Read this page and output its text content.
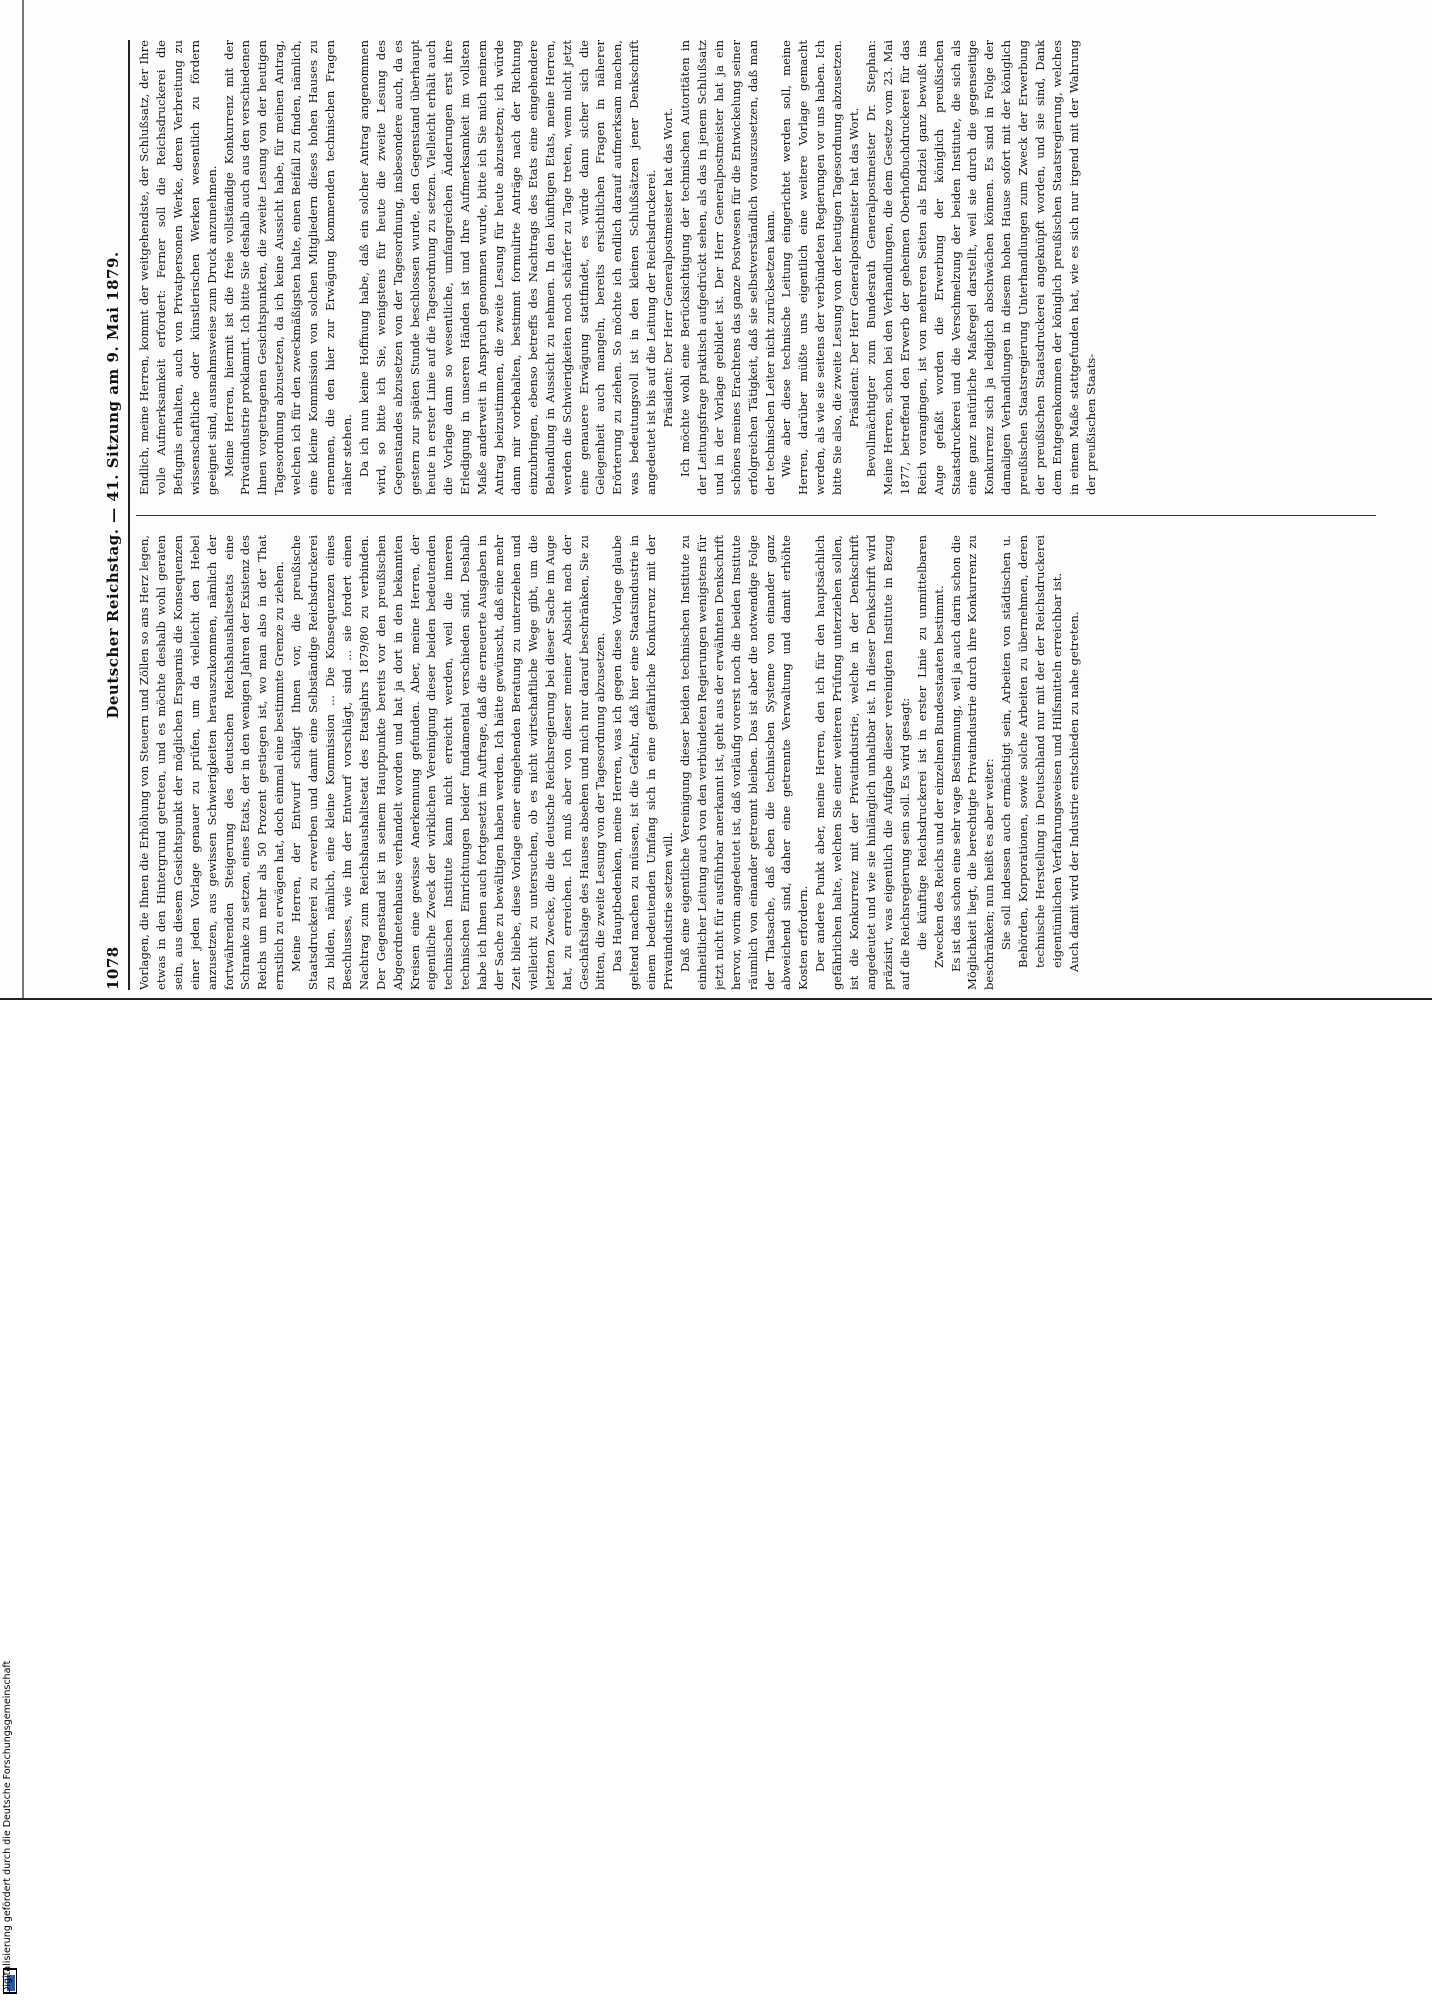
1078
Deutscher Reichstag. — 41. Sitzung am 9. Mai 1879.

Vorlagen, die Ihnen die Erhöhung von Steuern und Zöllen so ans Herz legen, etwas in den Hintergrund getreten, und es möchte deshalb wohl geraten sein, aus diesem Gesichtspunkt der möglichen Ersparnis die Konsequenzen einer jeden Vorlage genauer zu prüfen, um da vielleicht den Hebel anzusetzen, aus gewissen Schwierigkeiten herauszukommen, nämlich der fortwährenden Steigerung des deutschen Reichshaushaltsetats eine Schranke zu setzen, eines Etats, der in den wenigen Jahren der Existenz des Reichs um mehr als 50 Prozent gestiegen ist, wo man also in der That ernstlich zu erwägen hat, doch einmal eine bestimmte Grenze zu ziehen. Meine Herren, der Entwurf schlägt Ihnen vor, die preußische Staatsdruckerei zu erwerben und damit eine Selbständige Reichsdruckerei zu bilden, nämlich, eine kleine Kommission ... Die Konsequenzen eines Beschlusses, wie ihn der Entwurf vorschlägt, sind ... sie fordert einen Nachtrag zum Reichshaushaltsetat des Etatsjahrs 1879/80 zu verbinden. Der Gegenstand ist in seinem Hauptpunkte bereits vor den preußischen Abgeordnetenhause verhandelt worden und hat ja dort in den bekannten Kreisen eine gewisse Anerkennung gefunden. Aber, meine Herren, der eigentliche Zweck der wirklichen Vereinigung dieser beiden bedeutenden technischen Institute kann nicht erreicht werden, weil die inneren technischen Einrichtungen beider fundamental verschieden sind. Deshalb habe ich Ihnen auch fortgesetzt im Auftrage, daß die erneuerte Ausgaben in der Sache zu bewältigen haben werden. Ich hätte gewünscht, daß eine mehr Zeit bliebe, diese Vorlage einer eingehenden Beratung zu unterziehen und vielleicht zu untersuchen, ob es nicht wirtschaftliche Wege gibt, um die letzten Zwecke, die die deutsche Reichsregierung bei dieser Sache im Auge hat, zu erreichen. Ich muß aber von dieser meiner Absicht nach der Geschäftslage des Hauses absehen und mich nur darauf beschränken, Sie zu bitten, die zweite Lesung von der Tagesordnung abzusetzen. Das Hauptbedenken, meine Herren, was ich gegen diese Vorlage glaube geltend machen zu müssen, ist die Gefahr, daß hier eine Staatsindustrie in einem bedeutenden Umfang sich in eine gefährliche Konkurrenz mit der Privatindustrie setzen will. Daß eine eigentliche Vereinigung dieser beiden technischen Institute zu einheitlicher Leitung auch von den verbündeten Regierungen wenigstens für jetzt nicht für ausführbar anerkannt ist, geht aus der erwähnten Denkschrift hervor, worin angedeutet ist, daß vorläufig vorerst noch die beiden Institute räumlich von einander getrennt bleiben. Das ist aber die notwendige Folge der Thatsache, daß eben die technischen Systeme von einander ganz abweichend sind, daher eine getrennte Verwaltung und damit erhöhte Kosten erfordern. Der andere Punkt aber, meine Herren, den ich für den hauptsächlich gefährlichen halte, welchen Sie einer weiteren Prüfung unterziehen sollen, ist die Konkurrenz mit der Privatindustrie, welche in der Denkschrift angedeutet und wie sie hinlänglich unhaltbar ist. In dieser Denkschrift wird präzisirt, was eigentlich die Aufgabe dieser vereinigten Institute in Bezug auf die Reichsregierung sein soll. Es wird gesagt: die künftige Reichsdruckerei ist in erster Linie zu unmittelbaren Zwecken des Reichs und der einzelnen Bundesstaaten bestimmt. Es ist das schon eine sehr vage Bestimmung, weil ja auch darin schon die Möglichkeit liegt, die berechtigte Privatindustrie durch ihre Konkurrenz zu beschränken; nun heißt es aber weiter: Sie soll indessen auch ermächtigt sein, Arbeiten von städtischen u. Behörden, Korporationen, sowie solche Arbeiten zu übernehmen, deren technische Herstellung in Deutschland nur mit der der Reichsdruckerei eigentümlichen Verfahrungsweisen und Hilfsmitteln erreichbar ist. Auch damit wird der Industrie entschieden zu nahe getreten.

Endlich, meine Herren, kommt der weitgehendste, der Schlußsatz, der Ihre volle Aufmerksamkeit erfordert: Ferner soll die Reichsdruckerei die Befugnis erhalten, auch von Privatpersonen Werke, deren Verbreitung zu wissenschaftliche oder künstlerischen Werken wesentlich zu fördern geeignet sind, ausnahmsweise zum Druck anzunehmen. Meine Herren, hiermit ist die freie vollständige Konkurrenz mit der Privatindustrie proklamirt. Ich bitte Sie deshalb auch aus den verschiedenen Ihnen vorgetragenen Gesichtspunkten, die zweite Lesung von der heutigen Tagesordnung abzusetzen, da ich keine Aussicht habe, für meinen Antrag, welchen ich für den zweckmäßigsten halte, einen Beifall zu finden, nämlich, eine kleine Kommission von solchen Mitgliedern dieses hohen Hauses zu ernennen, die den hier zur Erwägung kommenden technischen Fragen näher stehen. Da ich nun keine Hoffnung habe, daß ein solcher Antrag angenommen wird, so bitte ich Sie, wenigstens für heute die zweite Lesung des Gegenstandes abzusetzen von der Tagesordnung, insbesondere auch, da es gestern zur späten Stunde beschlossen wurde, den Gegenstand überhaupt heute in erster Linie auf die Tagesordnung zu setzen. Vielleicht erhält auch die Vorlage dann so wesentliche, umfangreichen Änderungen erst ihre Erledigung in unseren Händen ist und Ihre Aufmerksamkeit im vollsten Maße anderweit in Anspruch genommen wurde, bitte ich Sie mich meinem Antrag beizustimmen, die zweite Lesung für heute abzusetzen; ich würde dann mir vorbehalten, bestimmt formulirte Anträge nach der Richtung einzubringen, ebenso betreffs des Nachtrags des Etats eine eingehendere Behandlung in Aussicht zu nehmen. In den künftigen Etats, meine Herren, werden die Schwierigkeiten noch schärfer zu Tage treten, wenn nicht jetzt eine genauere Erwägung stattfindet, es würde dann sicher sich die Gelegenheit auch mangeln, bereits ersichtlichen Fragen in näherer Erörterung zu ziehen. So möchte ich endlich darauf aufmerksam machen, was bedeutungsvoll ist in den kleinen Schlußsätzen jener Denkschrift angedeutet ist bis auf die Leitung der Reichsdruckerei. Präsident: Der Herr Generalpostmeister hat das Wort. Ich möchte wohl eine Berücksichtigung der technischen Autoritäten in der Leitungsfrage praktisch aufgedrückt sehen, als das in jenem Schlußsatz und in der Vorlage gebildet ist. Der Herr Generalpostmeister hat ja ein schönes meines Erachtens das ganze Postwesen für die Entwickelung seiner erfolgreichen Tätigkeit, daß sie selbstverständlich vorauszusetzen, daß man der technischen Leiter nicht zurücksetzen kann. Wie aber diese technische Leitung eingerichtet werden soll, meine Herren, darüber müßte uns eigentlich eine weitere Vorlage gemacht werden, als wie sie seitens der verbündeten Regierungen vor uns haben. Ich bitte Sie also, die zweite Lesung von der heutigen Tagesordnung abzusetzen. Präsident: Der Herr Generalpostmeister hat das Wort. Bevollmächtigter zum Bundesrath Generalpostmeister Dr. Stephan: Meine Herren, schon bei den Verhandlungen, die dem Gesetze vom 23. Mai 1877, betreffend den Erwerb der geheimen Oberhofbuchdruckerei für das Reich vorangingen, ist von mehreren Seiten als Endziel ganz bewußt ins Auge gefaßt worden die Erwerbung der königlich preußischen Staatsdruckerei und die Verschmelzung der beiden Institute, die sich als eine ganz natürliche Maßregel darstellt, weil sie durch die gegenseitige Konkurrenz sich ja lediglich abschwächen können. Es sind in Folge der damaligen Verhandlungen in diesem hohen Hause sofort mit der königlich preußischen Staatsregierung Unterhandlungen zum Zweck der Erwerbung der preußischen Staatsdruckerei angeknüpft worden, und sie sind, Dank dem Entgegenkommen der königlich preußischen Staatsregierung, welches in einem Maße stattgefunden hat, wie es sich nur irgend mit der Wahrung der preußischen Staats-

Digitalisierung gefördert durch die Deutsche Forschungsgemeinschaft
